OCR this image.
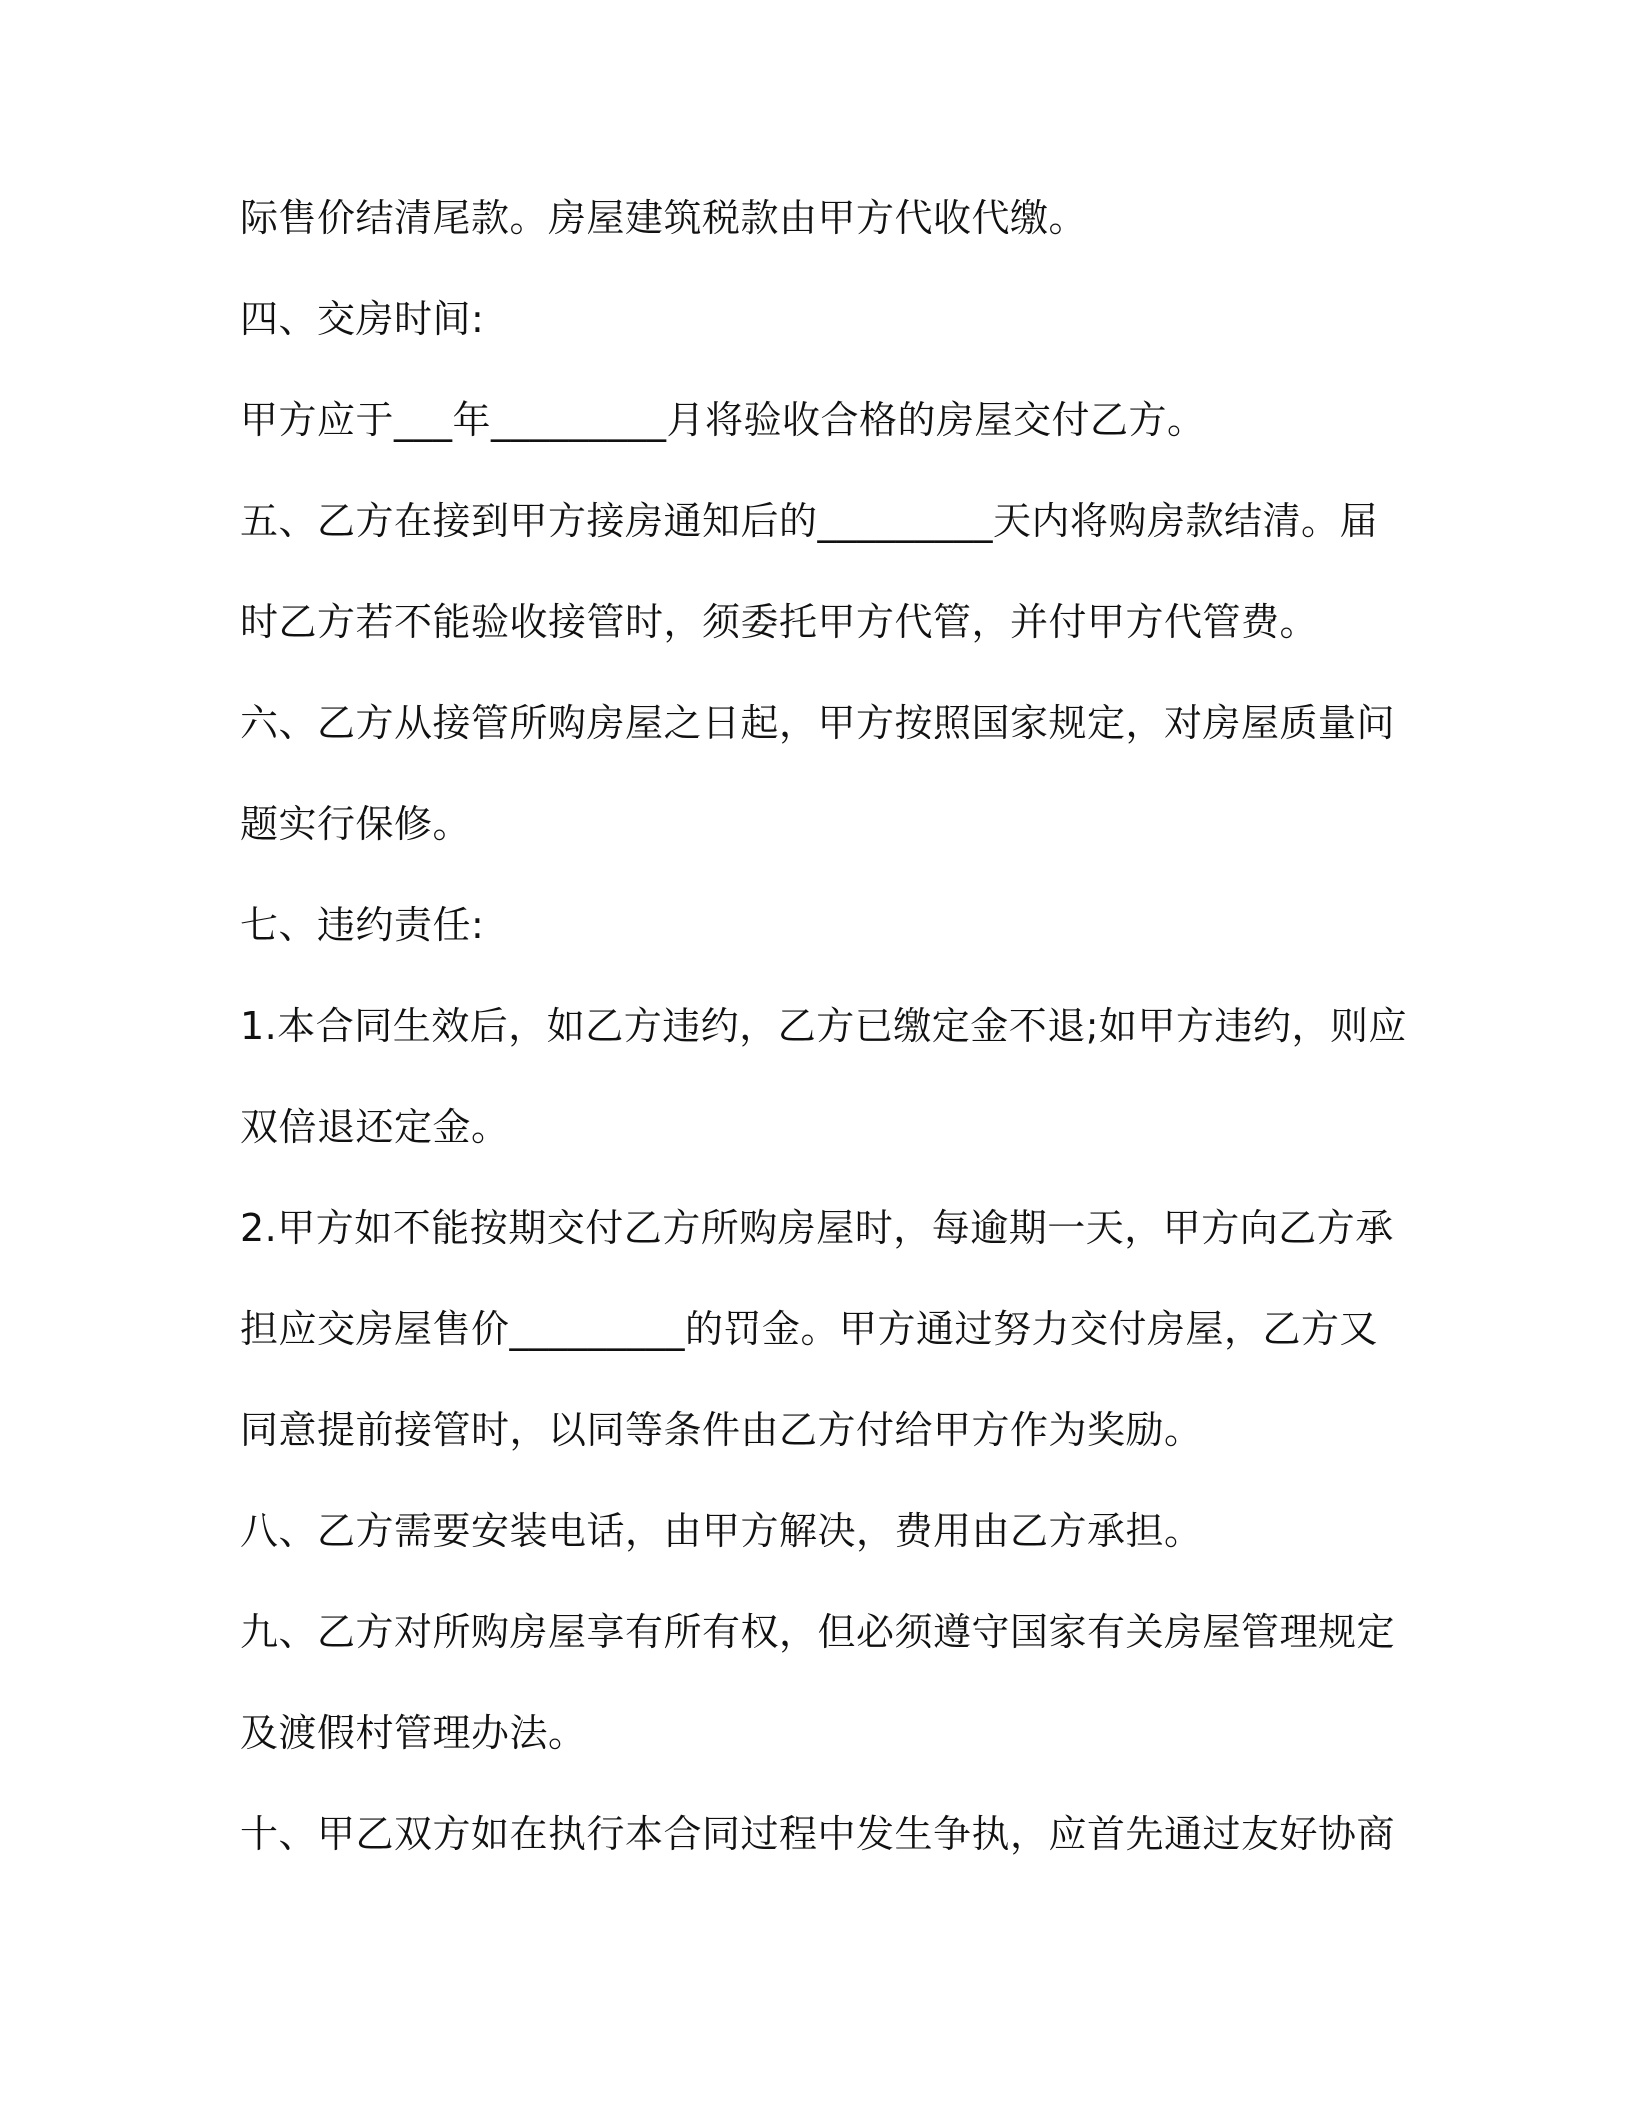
际售价结清尾款。房屋建筑税款由甲方代收代缴。
四、交房时间:
甲方应于___年_________月将验收合格的房屋交付乙方。
五、乙方在接到甲方接房通知后的_________天内将购房款结清。届
时乙方若不能验收接管时，须委托甲方代管，并付甲方代管费。
六、乙方从接管所购房屋之日起，甲方按照国家规定，对房屋质量问
题实行保修。
七、违约责任:
1.本合同生效后，如乙方违约，乙方已缴定金不退;如甲方违约，则应
双倍退还定金。
2.甲方如不能按期交付乙方所购房屋时，每逾期一天，甲方向乙方承
担应交房屋售价_________的罚金。甲方通过努力交付房屋，乙方又
同意提前接管时，以同等条件由乙方付给甲方作为奖励。
八、乙方需要安装电话，由甲方解决，费用由乙方承担。
九、乙方对所购房屋享有所有权，但必须遵守国家有关房屋管理规定
及渡假村管理办法。
十、甲乙双方如在执行本合同过程中发生争执，应首先通过友好协商
